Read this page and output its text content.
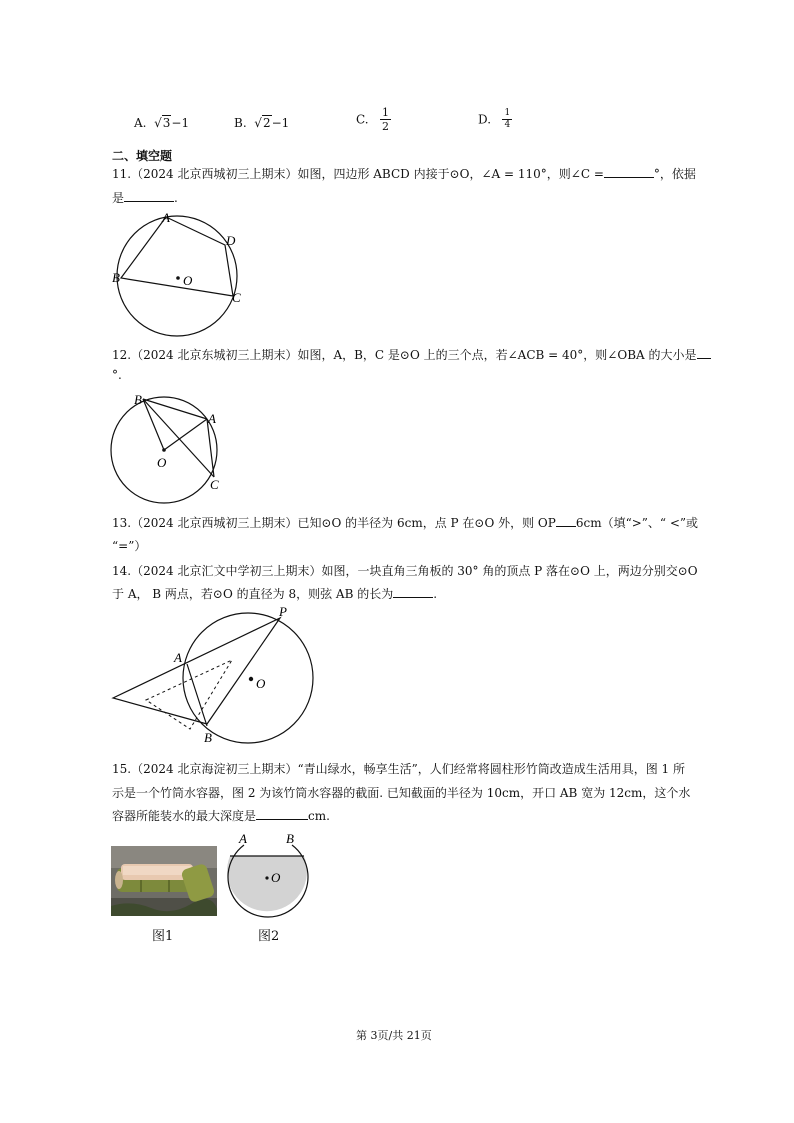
A. √3−1	B. √2−1	C. $\frac{1}{2}$	D. $\frac{1}{4}$
二、填空题
11.（2024 北京西城初三上期末）如图，四边形 ABCD 内接于⊙O，∠A = 110°，则∠C =	°，依据
是	.
A
D
B
C
O
12.（2024 北京东城初三上期末）如图，A，B，C 是⊙O 上的三个点，若∠ACB = 40°，则∠OBA 的大小是
°.
B
A
O
C
13.（2024 北京西城初三上期末）已知⊙O 的半径为 6cm，点 P 在⊙O 外，则 OP 6cm（填“>”、“ <”或
“=”）
14.（2024 北京汇文中学初三上期末）如图，一块直角三角板的 30° 角的顶点 P 落在⊙O 上，两边分别交⊙O
于 A， B 两点，若⊙O 的直径为 8，则弦 AB 的长为	.
P
A
O
B
15.（2024 北京海淀初三上期末）“青山绿水，畅享生活”，人们经常将圆柱形竹筒改造成生活用具，图 1 所
示是一个竹筒水容器，图 2 为该竹筒水容器的截面. 已知截面的半径为 10cm，开口 AB 宽为 12cm，这个水
容器所能装水的最大深度是	cm.
图1
A	B
O
图2
第 3页/共 21页
